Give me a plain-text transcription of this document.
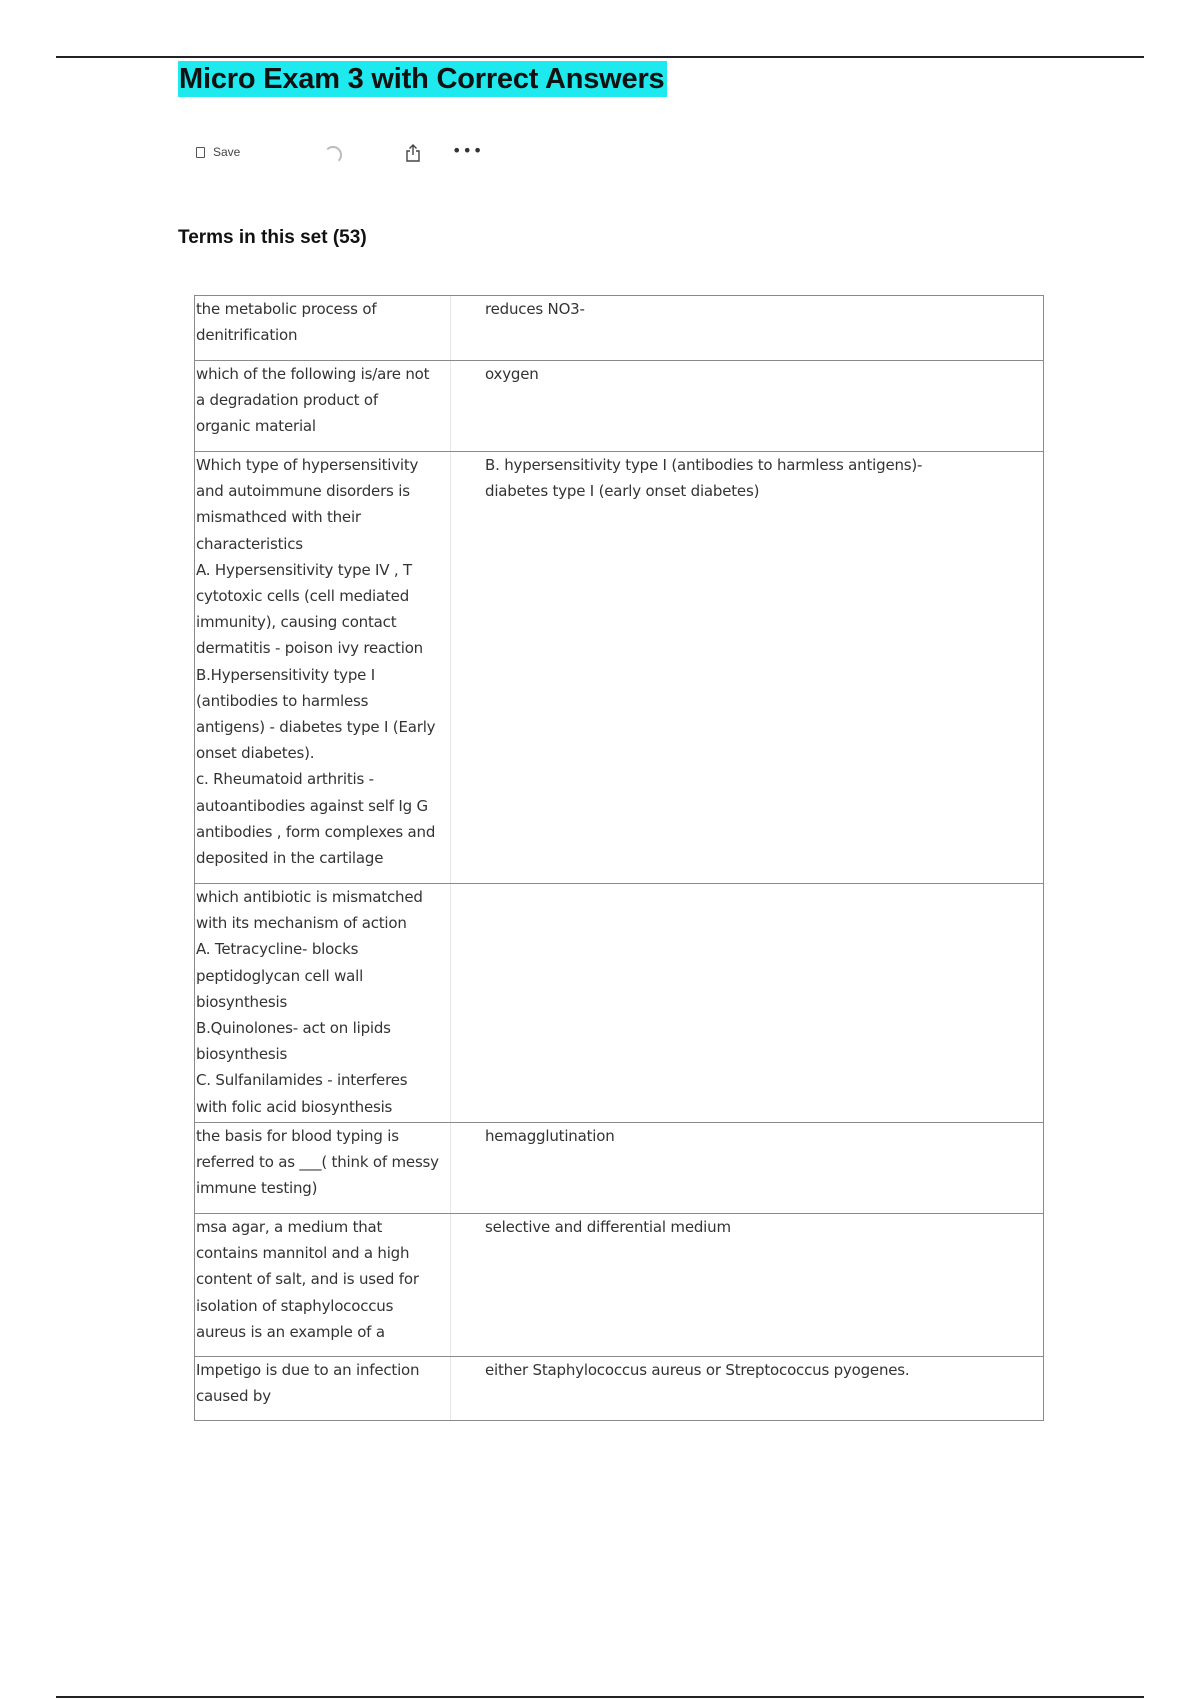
Micro Exam 3 with Correct Answers
Save	•••
Terms in this set (53)
the metabolic process of
denitrification
reduces NO3-
which of the following is/are not
a degradation product of
organic material
oxygen
Which type of hypersensitivity
and autoimmune disorders is
mismathced with their
characteristics
A. Hypersensitivity type IV , T
cytotoxic cells (cell mediated
immunity), causing contact
dermatitis - poison ivy reaction
B.Hypersensitivity type I
(antibodies to harmless
antigens) - diabetes type I (Early
onset diabetes).
c. Rheumatoid arthritis -
autoantibodies against self Ig G
antibodies , form complexes and
deposited in the cartilage
B. hypersensitivity type I (antibodies to harmless antigens)-
diabetes type I (early onset diabetes)
which antibiotic is mismatched
with its mechanism of action
A. Tetracycline- blocks
peptidoglycan cell wall
biosynthesis
B.Quinolones- act on lipids
biosynthesis
C. Sulfanilamides - interferes
with folic acid biosynthesis
the basis for blood typing is
referred to as ___( think of messy
immune testing)
hemagglutination
msa agar, a medium that
contains mannitol and a high
content of salt, and is used for
isolation of staphylococcus
aureus is an example of a
selective and differential medium
Impetigo is due to an infection
caused by
either Staphylococcus aureus or Streptococcus pyogenes.
